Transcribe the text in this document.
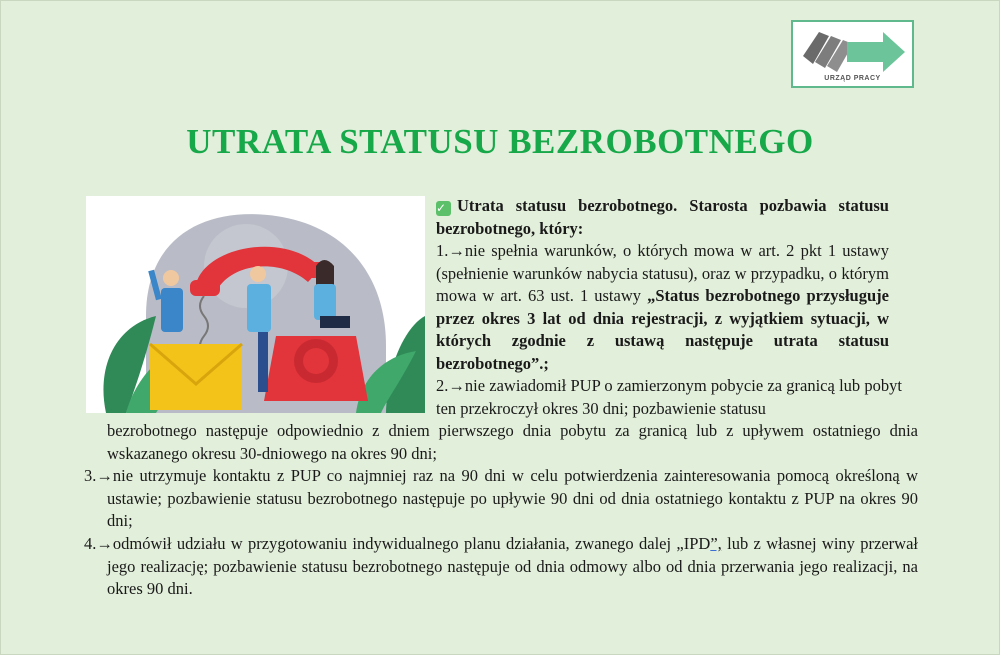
URZĄD PRACY
UTRATA STATUSU BEZROBOTNEGO
✓ Utrata statusu bezrobotnego. Starosta pozbawia statusu bezrobotnego, który:
1.→nie spełnia warunków, o których mowa w art. 2 pkt 1 ustawy (spełnienie warunków nabycia statusu), oraz w przypadku, o którym mowa w art. 63 ust. 1 ustawy „Status bezrobotnego przysługuje przez okres 3 lat od dnia rejestracji, z wyjątkiem sytuacji, w których zgodnie z ustawą następuje utrata statusu bezrobotnego”.;
2.→nie zawiadomił PUP o zamierzonym pobycie za granicą lub pobyt ten przekroczył okres 30 dni; pozbawienie statusu
bezrobotnego następuje odpowiednio z dniem pierwszego dnia pobytu za granicą lub z upływem ostatniego dnia wskazanego okresu 30-dniowego na okres 90 dni;
3.→nie utrzymuje kontaktu z PUP co najmniej raz na 90 dni w celu potwierdzenia zainteresowania pomocą określoną w ustawie; pozbawienie statusu bezrobotnego następuje po upływie 90 dni od dnia ostatniego kontaktu z PUP na okres 90 dni;
4.→odmówił udziału w przygotowaniu indywidualnego planu działania, zwanego dalej „IPD”, lub z własnej winy przerwał jego realizację; pozbawienie statusu bezrobotnego następuje od dnia odmowy albo od dnia przerwania jego realizacji, na okres 90 dni.
